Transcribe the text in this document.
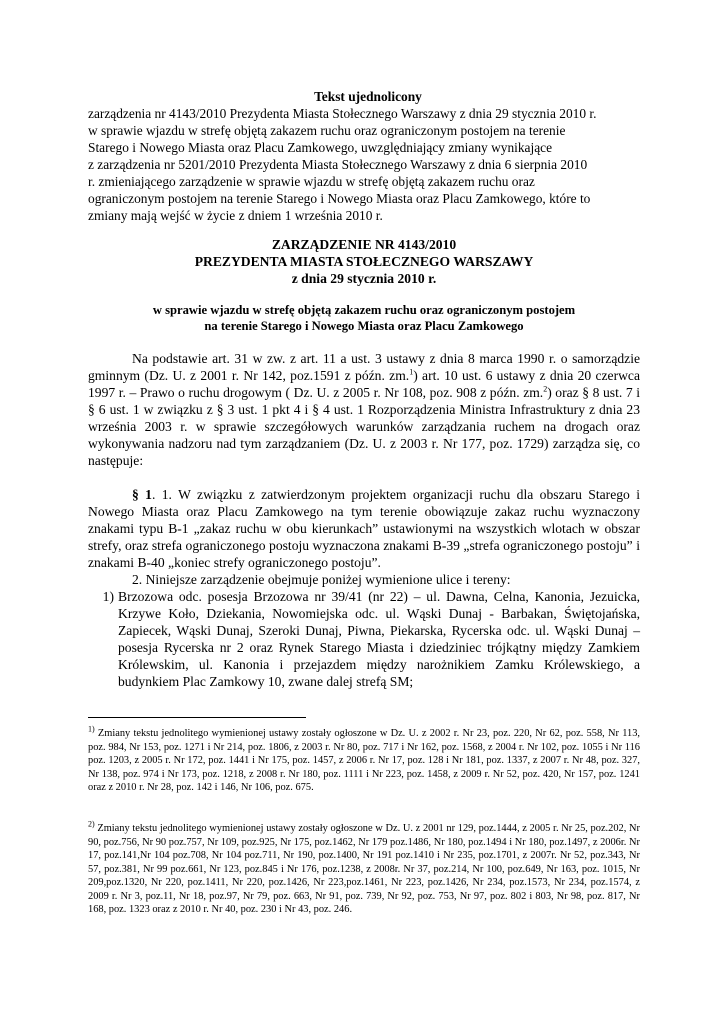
Tekst ujednolicony
zarządzenia nr 4143/2010 Prezydenta Miasta Stołecznego Warszawy z dnia 29 stycznia 2010 r.
w sprawie wjazdu w strefę objętą zakazem ruchu oraz ograniczonym postojem na terenie
Starego i Nowego Miasta oraz Placu Zamkowego, uwzględniający zmiany wynikające
z zarządzenia nr 5201/2010 Prezydenta Miasta Stołecznego Warszawy z dnia 6 sierpnia 2010
r. zmieniającego zarządzenie w sprawie wjazdu w strefę objętą zakazem ruchu oraz
ograniczonym postojem na terenie Starego i Nowego Miasta oraz Placu Zamkowego, które to
zmiany mają wejść w życie z dniem 1 września 2010 r.
ZARZĄDZENIE NR 4143/2010
PREZYDENTA MIASTA STOŁECZNEGO WARSZAWY
z dnia 29 stycznia 2010 r.
w sprawie wjazdu w strefę objętą zakazem ruchu oraz ograniczonym postojem
na terenie Starego i Nowego Miasta oraz Placu Zamkowego

Na podstawie art. 31 w zw. z art. 11 a ust. 3 ustawy z dnia 8 marca 1990 r. o samorządzie gminnym (Dz. U. z 2001 r. Nr 142, poz.1591 z późn. zm.$^1$) art. 10 ust. 6 ustawy z dnia 20 czerwca 1997 r. – Prawo o ruchu drogowym ( Dz. U. z 2005 r. Nr 108, poz. 908 z późn. zm.$^2$) oraz § 8 ust. 7 i § 6 ust. 1 w związku z § 3 ust. 1 pkt 4 i § 4 ust. 1 Rozporządzenia Ministra Infrastruktury z dnia 23 września 2003 r. w sprawie szczegółowych warunków zarządzania ruchem na drogach oraz wykonywania nadzoru nad tym zarządzaniem (Dz. U. z 2003 r. Nr 177, poz. 1729) zarządza się, co następuje:

§ 1. 1. W związku z zatwierdzonym projektem organizacji ruchu dla obszaru Starego i Nowego Miasta oraz Placu Zamkowego na tym terenie obowiązuje zakaz ruchu wyznaczony znakami typu B-1 „zakaz ruchu w obu kierunkach” ustawionymi na wszystkich wlotach w obszar strefy, oraz strefa ograniczonego postoju wyznaczona znakami B-39 „strefa ograniczonego postoju” i znakami B-40 „koniec strefy ograniczonego postoju”.

2. Niniejsze zarządzenie obejmuje poniżej wymienione ulice i tereny:

1) Brzozowa odc. posesja Brzozowa nr 39/41 (nr 22) – ul. Dawna, Celna, Kanonia, Jezuicka, Krzywe Koło, Dziekania, Nowomiejska odc. ul. Wąski Dunaj - Barbakan, Świętojańska, Zapiecek, Wąski Dunaj, Szeroki Dunaj, Piwna, Piekarska, Rycerska odc. ul. Wąski Dunaj – posesja Rycerska nr 2 oraz Rynek Starego Miasta i dziedziniec trójkątny między Zamkiem Królewskim, ul. Kanonia i przejazdem między narożnikiem Zamku Królewskiego, a budynkiem Plac Zamkowy 10, zwane dalej strefą SM;
$^{1)}$ Zmiany tekstu jednolitego wymienionej ustawy zostały ogłoszone w Dz. U. z 2002 r. Nr 23, poz. 220, Nr 62, poz. 558, Nr 113, poz. 984, Nr 153, poz. 1271 i Nr 214, poz. 1806, z 2003 r. Nr 80, poz. 717 i Nr 162, poz. 1568, z 2004 r. Nr 102, poz. 1055 i Nr 116 poz. 1203, z 2005 r. Nr 172, poz. 1441 i Nr 175, poz. 1457, z 2006 r. Nr 17, poz. 128 i Nr 181, poz. 1337, z 2007 r. Nr 48, poz. 327, Nr 138, poz. 974 i Nr 173, poz. 1218, z 2008 r. Nr 180, poz. 1111 i Nr 223, poz. 1458, z 2009 r. Nr 52, poz. 420, Nr 157, poz. 1241 oraz z 2010 r. Nr 28, poz. 142 i 146, Nr 106, poz. 675.
$^{2)}$ Zmiany tekstu jednolitego wymienionej ustawy zostały ogłoszone w Dz. U. z 2001 nr 129, poz.1444, z 2005 r. Nr 25, poz.202, Nr 90, poz.756, Nr 90 poz.757, Nr 109, poz.925, Nr 175, poz.1462, Nr 179 poz.1486, Nr 180, poz.1494 i Nr 180, poz.1497, z 2006r. Nr 17, poz.141,Nr 104 poz.708, Nr 104 poz.711, Nr 190, poz.1400, Nr 191 poz.1410 i Nr 235, poz.1701, z 2007r. Nr 52, poz.343, Nr 57, poz.381, Nr 99 poz.661, Nr 123, poz.845 i Nr 176, poz.1238, z 2008r. Nr 37, poz.214, Nr 100, poz.649, Nr 163, poz. 1015, Nr 209,poz.1320, Nr 220, poz.1411, Nr 220, poz.1426, Nr 223,poz.1461, Nr 223, poz.1426, Nr 234, poz.1573, Nr 234, poz.1574, z 2009 r. Nr 3, poz.11, Nr 18, poz.97, Nr 79, poz. 663, Nr 91, poz. 739, Nr 92, poz. 753, Nr 97, poz. 802 i 803, Nr 98, poz. 817, Nr 168, poz. 1323 oraz z 2010 r. Nr 40, poz. 230 i Nr 43, poz. 246.
